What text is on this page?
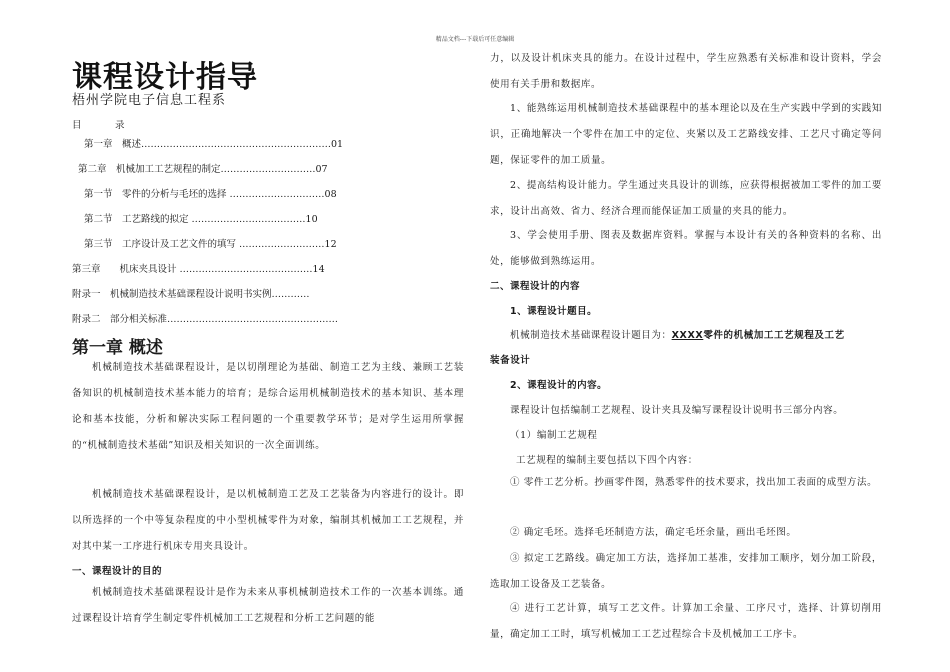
精品文档---下载后可任意编辑
课程设计指导
梧州学院电子信息工程系
目　录
第一章　概述……………………………………………………01
第二章　机械加工工艺规程的制定…………………………07
第一节　零件的分析与毛坯的选择 …………………………08
第二节　工艺路线的拟定 ………………………………10
第三节　工序设计及工艺文件的填写 ………………………12
第三章　　机床夹具设计 ……………………………………14
附录一　机械制造技术基础课程设计说明书实例…………
附录二　部分相关标准………………………………………………
第一章 概述
机械制造技术基础课程设计，是以切削理论为基础、制造工艺为主线、兼顾工艺装备知识的机械制造技术基本能力的培育；是综合运用机械制造技术的基本知识、基本理论和基本技能，分析和解决实际工程问题的一个重要教学环节；是对学生运用所掌握的“机械制造技术基础”知识及相关知识的一次全面训练。
机械制造技术基础课程设计，是以机械制造工艺及工艺装备为内容进行的设计。即以所选择的一个中等复杂程度的中小型机械零件为对象，编制其机械加工工艺规程，并对其中某一工序进行机床专用夹具设计。
一、课程设计的目的
机械制造技术基础课程设计是作为未来从事机械制造技术工作的一次基本训练。通过课程设计培育学生制定零件机械加工工艺规程和分析工艺问题的能
力，以及设计机床夹具的能力。在设计过程中，学生应熟悉有关标准和设计资料，学会使用有关手册和数据库。
1、能熟练运用机械制造技术基础课程中的基本理论以及在生产实践中学到的实践知识，正确地解决一个零件在加工中的定位、夹紧以及工艺路线安排、工艺尺寸确定等问题，保证零件的加工质量。
2、提高结构设计能力。学生通过夹具设计的训练，应获得根据被加工零件的加工要求，设计出高效、省力、经济合理而能保证加工质量的夹具的能力。
3、学会使用手册、图表及数据库资料。掌握与本设计有关的各种资料的名称、出处，能够做到熟练运用。
二、课程设计的内容
1、课程设计题目。
机械制造技术基础课程设计题目为：XXXX零件的机械加工工艺规程及工艺
装备设计
2、课程设计的内容。
课程设计包括编制工艺规程、设计夹具及编写课程设计说明书三部分内容。
（1）编制工艺规程
工艺规程的编制主要包括以下四个内容：
① 零件工艺分析。抄画零件图，熟悉零件的技术要求，找出加工表面的成型方法。
② 确定毛坯。选择毛坯制造方法，确定毛坯余量，画出毛坯图。
③ 拟定工艺路线。确定加工方法，选择加工基准，安排加工顺序，划分加工阶段，选取加工设备及工艺装备。
④ 进行工艺计算，填写工艺文件。计算加工余量、工序尺寸，选择、计算切削用量，确定加工工时，填写机械加工工艺过程综合卡及机械加工工序卡。
